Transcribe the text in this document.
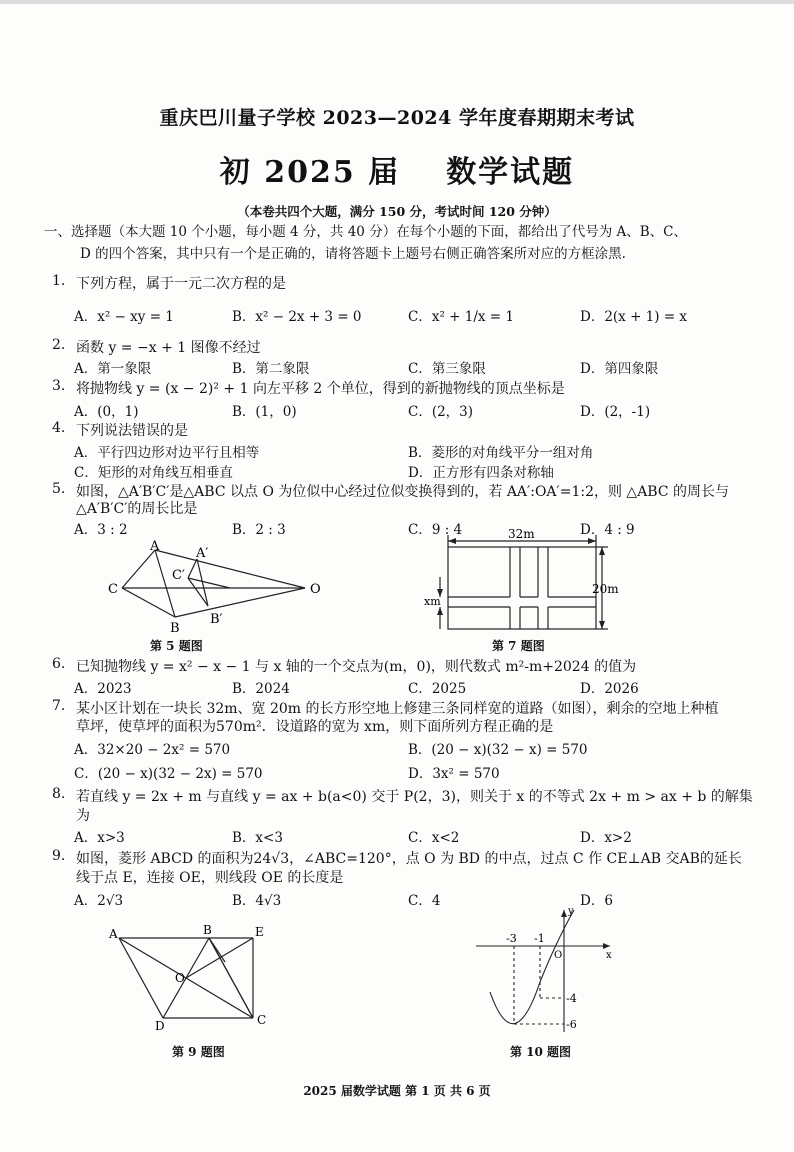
重庆巴川量子学校 2023—2024 学年度春期期末考试
初 2025 届 数学试题
（本卷共四个大题，满分 150 分，考试时间 120 分钟）
一、选择题（本大题 10 个小题，每小题 4 分，共 40 分）在每个小题的下面，都给出了代号为 A、B、C、
D 的四个答案，其中只有一个是正确的，请将答题卡上题号右侧正确答案所对应的方框涂黑.
1. 下列方程，属于一元二次方程的是
A．x² − xy = 1	B．x² − 2x + 3 = 0	C．x² + 1/x = 1	D．2(x + 1) = x
2. 函数 y = −x + 1 图像不经过
A．第一象限	B．第二象限	C．第三象限	D．第四象限
3. 将抛物线 y = (x − 2)² + 1 向左平移 2 个单位，得到的新抛物线的顶点坐标是
A．(0，1)	B．(1，0)	C．(2，3)	D．(2，-1)
4. 下列说法错误的是
A．平行四边形对边平行且相等	B．菱形的对角线平分一组对角
C．矩形的对角线互相垂直	D．正方形有四条对称轴
5. 如图，△A′B′C′是△ABC 以点 O 为位似中心经过位似变换得到的，若 AA′:OA′=1:2，则 △ABC 的周长与
△A′B′C′的周长比是
A．3 : 2	B．2 : 3	C．9 : 4	D．4 : 9
A	A′
C′
C	O
B
B′
第 5 题图
32m
20m
xm
第 7 题图
6. 已知抛物线 y = x² − x − 1 与 x 轴的一个交点为(m，0)，则代数式 m²-m+2024 的值为
A．2023	B．2024	C．2025	D．2026
7. 某小区计划在一块长 32m、宽 20m 的长方形空地上修建三条同样宽的道路（如图），剩余的空地上种植
草坪，使草坪的面积为570m²．设道路的宽为 xm，则下面所列方程正确的是
A．32×20 − 2x² = 570	B．(20 − x)(32 − x) = 570
C．(20 − x)(32 − 2x) = 570	D．3x² = 570
8. 若直线 y = 2x + m 与直线 y = ax + b(a<0) 交于 P(2，3)，则关于 x 的不等式 2x + m > ax + b 的解集
为
A．x>3	B．x<3	C．x<2	D．x>2
9. 如图，菱形 ABCD 的面积为24√3，∠ABC=120°，点 O 为 BD 的中点，过点 C 作 CE⊥AB 交AB的延长
线于点 E，连接 OE，则线段 OE 的长度是
A．2√3	B．4√3	C．4	D．6
A	B	E
O
D	C
第 9 题图
y
x
-3 -1
O
-4
-6
第 10 题图
2025 届数学试题 第 1 页 共 6 页
